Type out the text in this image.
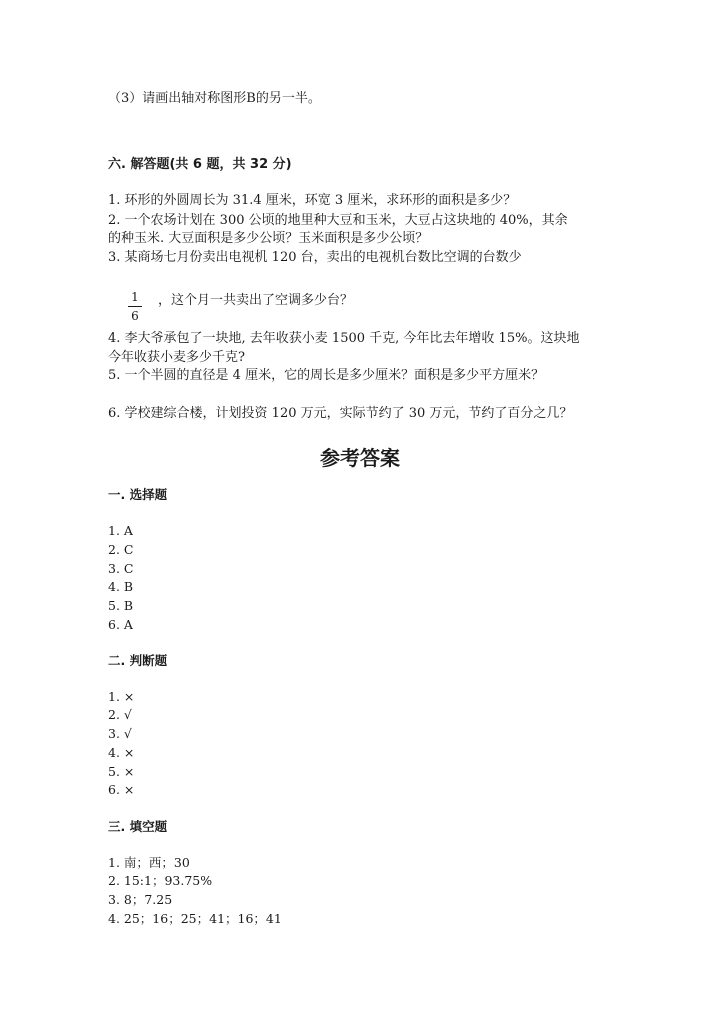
（3）请画出轴对称图形B的另一半。
六. 解答题(共 6 题，共 32 分)
1. 环形的外圆周长为 31.4 厘米，环宽 3 厘米，求环形的面积是多少？
2. 一个农场计划在 300 公顷的地里种大豆和玉米，大豆占这块地的 40%，其余
的种玉米. 大豆面积是多少公顷？玉米面积是多少公顷？
3. 某商场七月份卖出电视机 120 台，卖出的电视机台数比空调的台数少
1
6
，这个月一共卖出了空调多少台？
4. 李大爷承包了一块地, 去年收获小麦 1500 千克, 今年比去年增收 15%。这块地
今年收获小麦多少千克?
5. 一个半圆的直径是 4 厘米，它的周长是多少厘米？面积是多少平方厘米？
6. 学校建综合楼，计划投资 120 万元，实际节约了 30 万元，节约了百分之几？
参考答案
一. 选择题
1. A
2. C
3. C
4. B
5. B
6. A
二. 判断题
1. ×
2. √
3. √
4. ×
5. ×
6. ×
三. 填空题
1. 南；西；30
2. 15:1；93.75%
3. 8；7.25
4. 25；16；25；41；16；41
